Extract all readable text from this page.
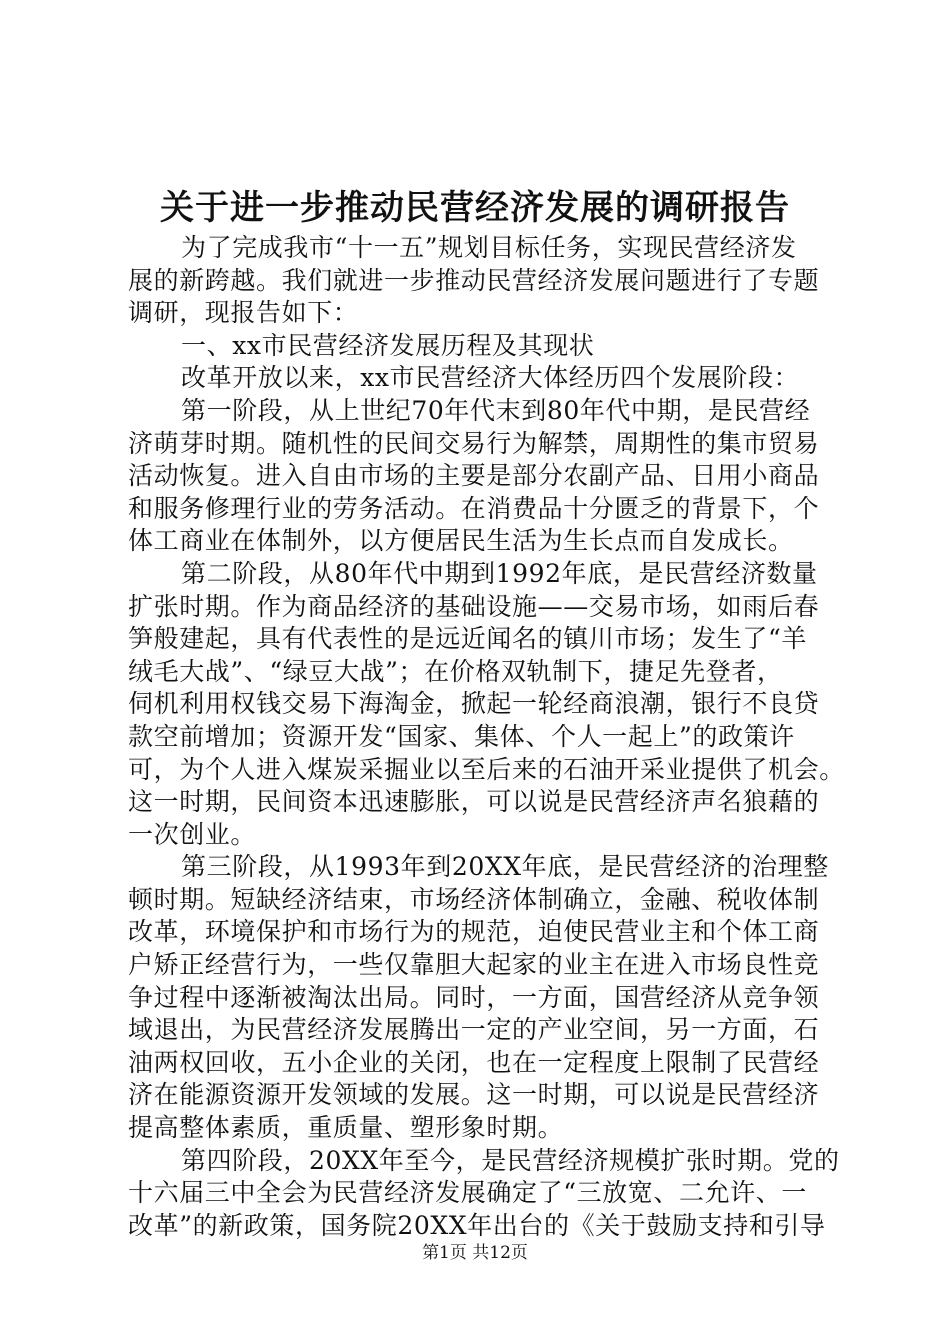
关于进一步推动民营经济发展的调研报告
为了完成我市“十一五”规划目标任务，实现民营经济发
展的新跨越。我们就进一步推动民营经济发展问题进行了专题
调研，现报告如下：
一、xx市民营经济发展历程及其现状
改革开放以来，xx市民营经济大体经历四个发展阶段：
第一阶段，从上世纪70年代末到80年代中期，是民营经
济萌芽时期。随机性的民间交易行为解禁，周期性的集市贸易
活动恢复。进入自由市场的主要是部分农副产品、日用小商品
和服务修理行业的劳务活动。在消费品十分匮乏的背景下，个
体工商业在体制外，以方便居民生活为生长点而自发成长。
第二阶段，从80年代中期到1992年底，是民营经济数量
扩张时期。作为商品经济的基础设施——交易市场，如雨后春
笋般建起，具有代表性的是远近闻名的镇川市场；发生了“羊
绒毛大战”、“绿豆大战”；在价格双轨制下，捷足先登者，
伺机利用权钱交易下海淘金，掀起一轮经商浪潮，银行不良贷
款空前增加；资源开发“国家、集体、个人一起上”的政策许
可，为个人进入煤炭采掘业以至后来的石油开采业提供了机会。
这一时期，民间资本迅速膨胀，可以说是民营经济声名狼藉的
一次创业。
第三阶段，从1993年到20XX年底，是民营经济的治理整
顿时期。短缺经济结束，市场经济体制确立，金融、税收体制
改革，环境保护和市场行为的规范，迫使民营业主和个体工商
户矫正经营行为，一些仅靠胆大起家的业主在进入市场良性竞
争过程中逐渐被淘汰出局。同时，一方面，国营经济从竞争领
域退出，为民营经济发展腾出一定的产业空间，另一方面，石
油两权回收，五小企业的关闭，也在一定程度上限制了民营经
济在能源资源开发领域的发展。这一时期，可以说是民营经济
提高整体素质，重质量、塑形象时期。
第四阶段，20XX年至今，是民营经济规模扩张时期。党的
十六届三中全会为民营经济发展确定了“三放宽、二允许、一
改革”的新政策，国务院20XX年出台的《关于鼓励支持和引导
第1页 共12页
